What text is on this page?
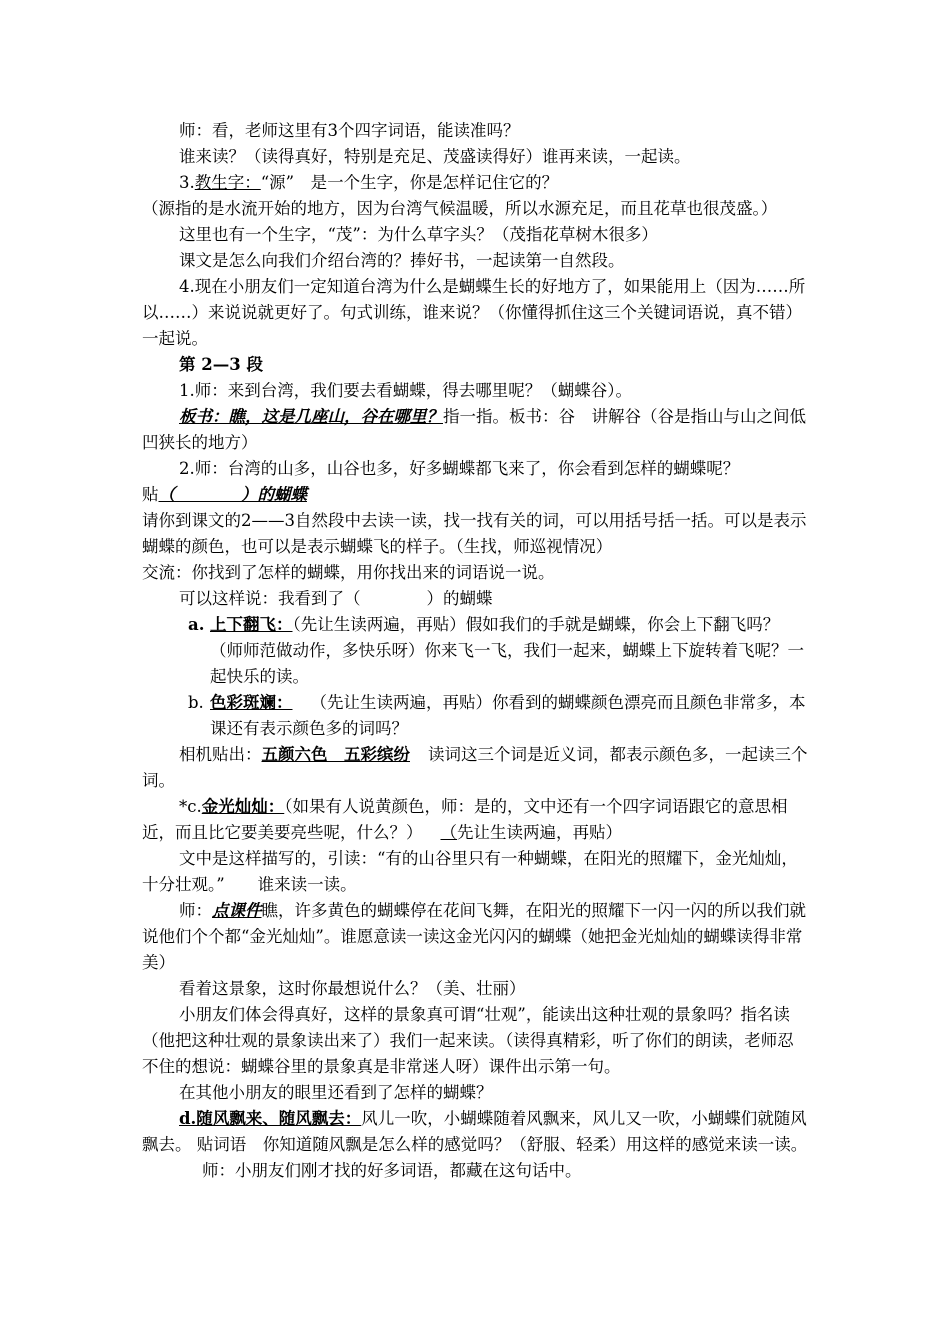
师：看，老师这里有3个四字词语，能读准吗？

谁来读？（读得真好，特别是充足、茂盛读得好）谁再来读，一起读。

3.教生字：“源”　是一个生字，你是怎样记住它的？

（源指的是水流开始的地方，因为台湾气候温暖，所以水源充足，而且花草也很茂盛。）

这里也有一个生字，“茂”：为什么草字头？（茂指花草树木很多）

课文是怎么向我们介绍台湾的？捧好书，一起读第一自然段。

4.现在小朋友们一定知道台湾为什么是蝴蝶生长的好地方了，如果能用上（因为……所以……）来说说就更好了。句式训练，谁来说？（你懂得抓住这三个关键词语说，真不错）一起说。

第 2—3 段

1.师：来到台湾，我们要去看蝴蝶，得去哪里呢？（蝴蝶谷）。

板书：瞧，这是几座山，谷在哪里？指一指。板书：谷　讲解谷（谷是指山与山之间低凹狭长的地方）

2.师：台湾的山多，山谷也多，好多蝴蝶都飞来了，你会看到怎样的蝴蝶呢？

贴（　　　　）的蝴蝶

请你到课文的2——3自然段中去读一读，找一找有关的词，可以用括号括一括。可以是表示蝴蝶的颜色，也可以是表示蝴蝶飞的样子。（生找，师巡视情况）

交流：你找到了怎样的蝴蝶，用你找出来的词语说一说。

可以这样说：我看到了（　　　　）的蝴蝶

a. 上下翻飞：（先让生读两遍，再贴）假如我们的手就是蝴蝶，你会上下翻飞吗？（师师范做动作，多快乐呀）你来飞一飞，我们一起来，蝴蝶上下旋转着飞呢？一起快乐的读。
b. 色彩斑斓： （先让生读两遍，再贴）你看到的蝴蝶颜色漂亮而且颜色非常多，本课还有表示颜色多的词吗？

相机贴出：五颜六色　五彩缤纷 读词这三个词是近义词，都表示颜色多，一起读三个词。

*c.金光灿灿：（如果有人说黄颜色，师：是的，文中还有一个四字词语跟它的意思相近，而且比它要美要亮些呢，什么？） （先让生读两遍，再贴）

文中是这样描写的，引读：“有的山谷里只有一种蝴蝶，在阳光的照耀下，金光灿灿，十分壮观。”　　谁来读一读。

师：点课件瞧，许多黄色的蝴蝶停在花间飞舞，在阳光的照耀下一闪一闪的所以我们就说他们个个都“金光灿灿”。谁愿意读一读这金光闪闪的蝴蝶（她把金光灿灿的蝴蝶读得非常美）

看着这景象，这时你最想说什么？（美、壮丽）

小朋友们体会得真好，这样的景象真可谓“壮观”，能读出这种壮观的景象吗？指名读（他把这种壮观的景象读出来了）我们一起来读。（读得真精彩，听了你们的朗读，老师忍不住的想说：蝴蝶谷里的景象真是非常迷人呀）课件出示第一句。

在其他小朋友的眼里还看到了怎样的蝴蝶？

d.随风飘来、随风飘去：风儿一吹，小蝴蝶随着风飘来，风儿又一吹，小蝴蝶们就随风飘去。 贴词语　你知道随风飘是怎么样的感觉吗？（舒服、轻柔）用这样的感觉来读一读。

师：小朋友们刚才找的好多词语，都藏在这句话中。
